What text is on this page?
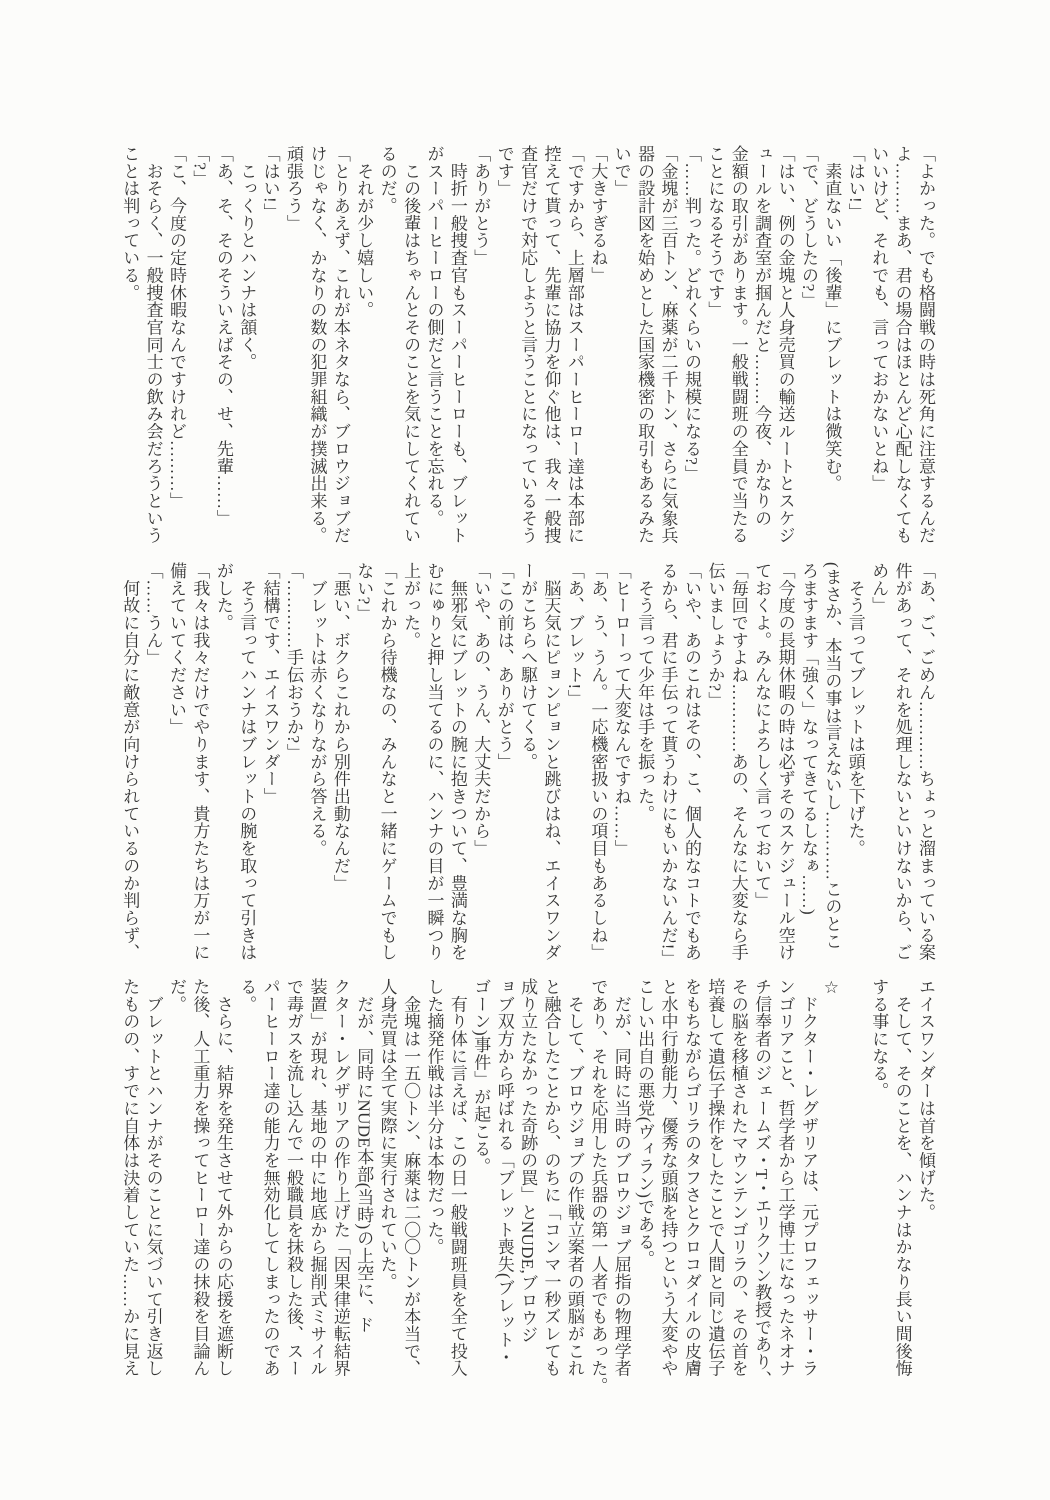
「よかった。でも格闘戦の時は死角に注意するんだ

よ………まあ、君の場合はほとんど心配しなくても

いいけど、それでも、言っておかないとね」

「はい!」

　素直ないい「後輩」にブレットは微笑む。

「で、どうしたの?」

「はい、例の金塊と人身売買の輸送ルートとスケジ

ュールを調査室が掴んだと………今夜、かなりの

金額の取引があります。一般戦闘班の全員で当たる

ことになるそうです」

「……判った。どれくらいの規模になる?」

「金塊が三百トン、麻薬が二千トン、さらに気象兵

器の設計図を始めとした国家機密の取引もあるみた

いで」

「大きすぎるね」

「ですから、上層部はスーパーヒーロー達は本部に

控えて貰って、先輩に協力を仰ぐ他は、我々一般捜

査官だけで対応しようと言うことになっているそう

です」

「ありがとう」

　時折一般捜査官もスーパーヒーローも、ブレット

がスーパーヒーローの側だと言うことを忘れる。

　この後輩はちゃんとそのことを気にしてくれてい

るのだ。

　それが少し嬉しい。

「とりあえず、これが本ネタなら、ブロウジョブだ

けじゃなく、かなりの数の犯罪組織が撲滅出来る。

頑張ろう」

「はい!」

　こっくりとハンナは頷く。

「あ、そ、そのそういえばその、せ、先輩……」

「?」

「こ、今度の定時休暇なんですけれど………」

　おそらく、一般捜査官同士の飲み会だろうという

ことは判っている。

「あ、ご、ごめん…………ちょっと溜まっている案

件があって、それを処理しないといけないから、ご

めん」

　そう言ってブレットは頭を下げた。

(まさか、本当の事は言えないし…………このとこ

ろますます「強く」なってきてるしなぁ……)

「今度の長期休暇の時は必ずそのスケジュール空け

ておくよ。みんなによろしく言っておいて」

「毎回ですよね…………あの、そんなに大変なら手

伝いましょうか?」

「いや、あのこれはその、こ、個人的なコトでもあ

るから、君に手伝って貰うわけにもいかないんだ!」

　そう言って少年は手を振った。

「ヒーローって大変なんですね……」

「あ、う、うん。一応機密扱いの項目もあるしね」

「あ、ブレット!」

　脳天気にピョンピョンと跳びはね、エイスワンダ

ーがこちらへ駆けてくる。

「この前は、ありがとう」

「いや、あの、うん、大丈夫だから」

　無邪気にブレットの腕に抱きついて、豊満な胸を

むにゅりと押し当てるのに、ハンナの目が一瞬つり

上がった。

「これから待機なの、みんなと一緒にゲームでもし

ない?」

「悪い、ボクらこれから別件出動なんだ」

　ブレットは赤くなりながら答える。

「…………手伝おうか?」

「結構です、エイスワンダー」

　そう言ってハンナはブレットの腕を取って引きは

がした。

「我々は我々だけでやります、貴方たちは万が一に

備えていてください」

「……うん」

　何故に自分に敵意が向けられているのか判らず、

エイスワンダーは首を傾げた。

　そして、そのことを、ハンナはかなり長い間後悔

する事になる。

☆

　ドクター・レグザリアは、元プロフェッサー・ラ

ンゴリアこと、哲学者から工学博士になったネオナ

チ信奉者のジェームズ・T・エリクソン教授であり、

その脳を移植されたマウンテンゴリラの、その首を

培養して遺伝子操作をしたことで人間と同じ遺伝子

をもちながらゴリラのタフさとクロコダイルの皮膚

と水中行動能力、優秀な頭脳を持つという大変やや

こしい出自の悪党(ヴィラン)である。

　だが、同時に当時のブロウジョブ屈指の物理学者

であり、それを応用した兵器の第一人者でもあった。

　そして、ブロウジョブの作戦立案者の頭脳がこれ

と融合したことから、のちに「コンマ一秒ズレても

成り立たなかった奇跡の罠」とNUDE,ブロウジ

ョブ双方から呼ばれる「ブレット喪失(ブレット・

ゴーン)事件」が起こる。

　有り体に言えば、この日一般戦闘班員を全て投入

した摘発作戦は半分は本物だった。

　金塊は一五〇トン、麻薬は二〇〇トンが本当で、

人身売買は全て実際に実行されていた。

　だが、同時にNUDE本部(当時)の上空に、ド

クター・レグザリアの作り上げた「因果律逆転結界

装置」が現れ、基地の中に地底から掘削式ミサイル

で毒ガスを流し込んで一般職員を抹殺した後、スー

パーヒーロー達の能力を無効化してしまったのであ

る。

　さらに、結界を発生させて外からの応援を遮断し

た後、人工重力を操ってヒーロー達の抹殺を目論ん

だ。

　ブレットとハンナがそのことに気づいて引き返し

たものの、すでに自体は決着していた……かに見え
